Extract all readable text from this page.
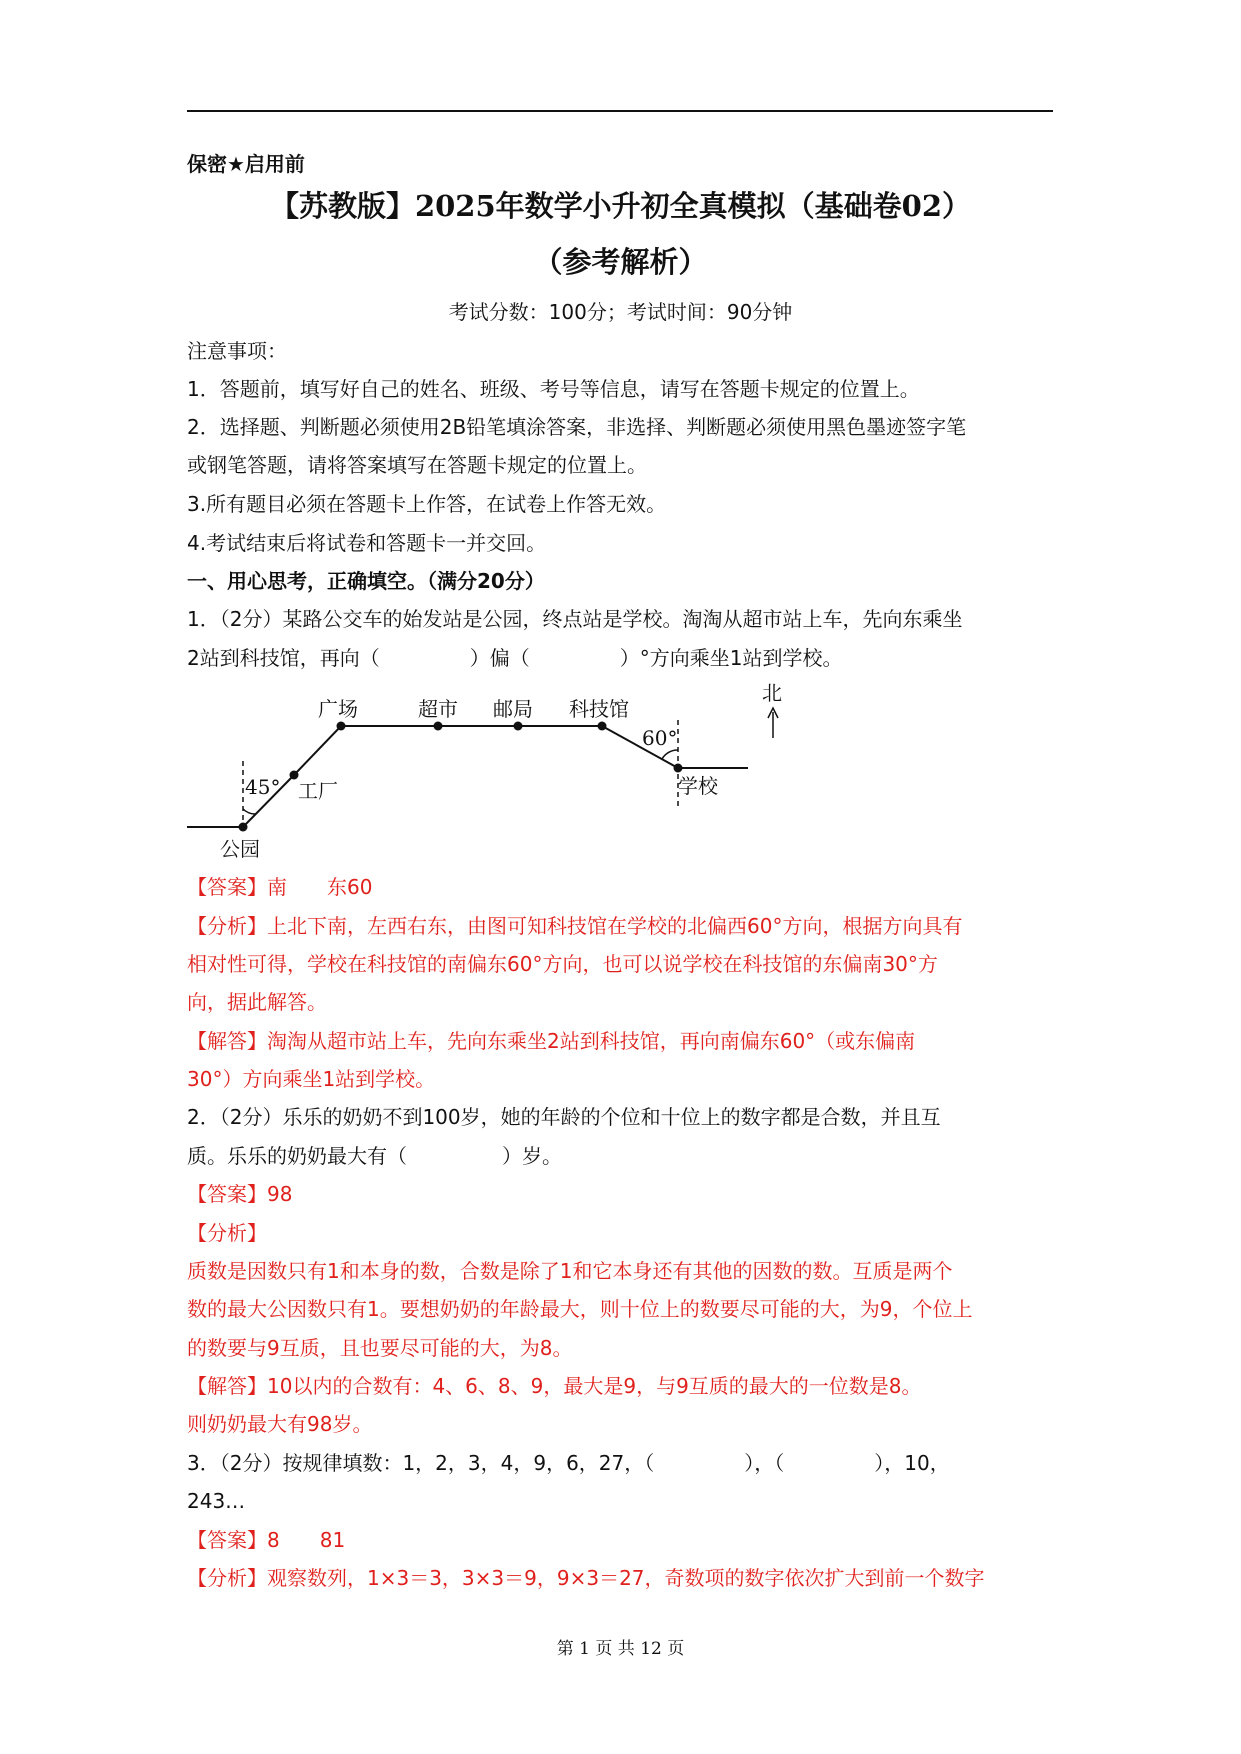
保密★启用前
【苏教版】2025年数学小升初全真模拟（基础卷02）
（参考解析）
考试分数：100分；考试时间：90分钟
注意事项：
1．答题前，填写好自己的姓名、班级、考号等信息，请写在答题卡规定的位置上。
2．选择题、判断题必须使用2B铅笔填涂答案，非选择、判断题必须使用黑色墨迹签字笔
或钢笔答题，请将答案填写在答题卡规定的位置上。
3.所有题目必须在答题卡上作答，在试卷上作答无效。
4.考试结束后将试卷和答题卡一并交回。
一、用心思考，正确填空。（满分20分）
1．（2分）某路公交车的始发站是公园，终点站是学校。淘淘从超市站上车，先向东乘坐
2站到科技馆，再向（	）偏（	）°方向乘坐1站到学校。
公园
工厂
广场	超市 邮局 科技馆
学校
北
45°
60°
【答案】南　　东60
【分析】上北下南，左西右东，由图可知科技馆在学校的北偏西60°方向，根据方向具有
相对性可得，学校在科技馆的南偏东60°方向，也可以说学校在科技馆的东偏南30°方
向，据此解答。
【解答】淘淘从超市站上车，先向东乘坐2站到科技馆，再向南偏东60°（或东偏南
30°）方向乘坐1站到学校。
2．（2分）乐乐的奶奶不到100岁，她的年龄的个位和十位上的数字都是合数，并且互
质。乐乐的奶奶最大有（	）岁。
【答案】98
【分析】
质数是因数只有1和本身的数，合数是除了1和它本身还有其他的因数的数。互质是两个
数的最大公因数只有1。要想奶奶的年龄最大，则十位上的数要尽可能的大，为9，个位上
的数要与9互质，且也要尽可能的大，为8。
【解答】10以内的合数有：4、6、8、9，最大是9，与9互质的最大的一位数是8。
则奶奶最大有98岁。
3．（2分）按规律填数：1，2，3，4，9，6，27，（	），（	），10，
243…
【答案】8　　81
【分析】观察数列，1×3＝3，3×3＝9，9×3＝27，奇数项的数字依次扩大到前一个数字
第 1 页 共 12 页
